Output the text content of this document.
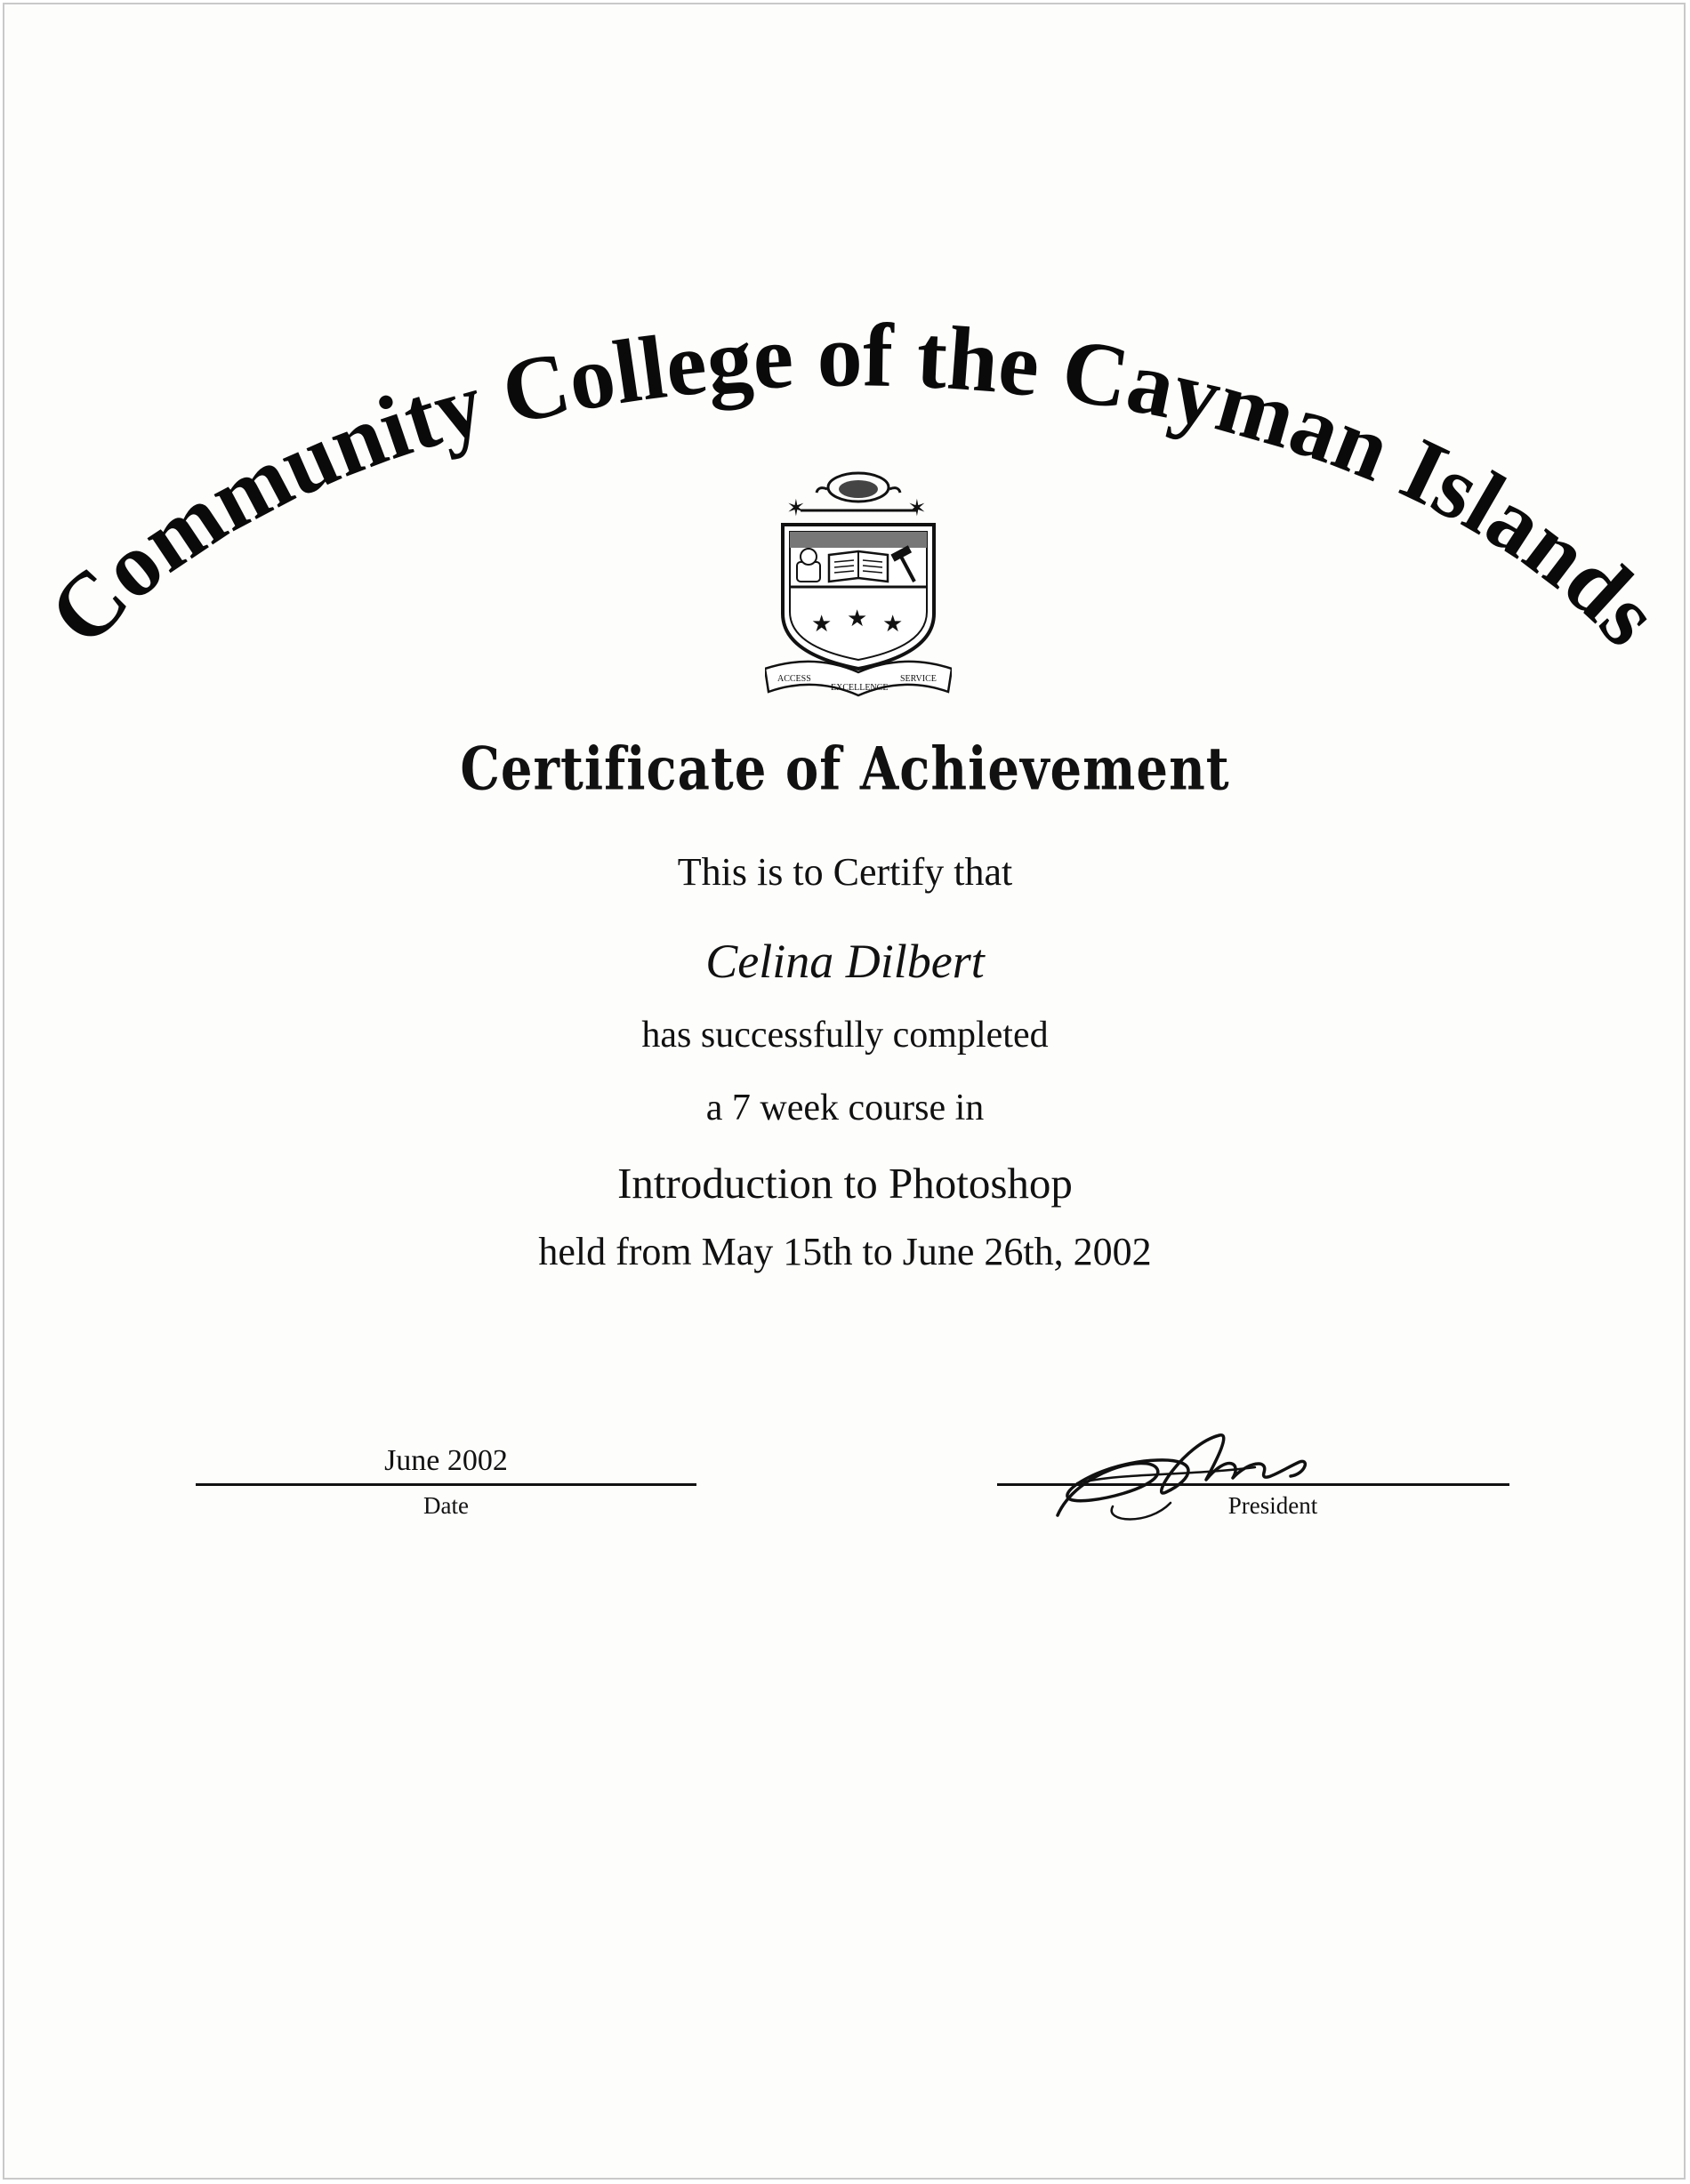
Community College of the Cayman Islands
✶	✶
★ ★ ★
ACCESS
EXCELLENCE
SERVICE
Certificate of Achievement
This is to Certify that
Celina Dilbert
has successfully completed
a 7 week course in
Introduction to Photoshop
held from May 15th to June 26th, 2002
June 2002
Date	President
